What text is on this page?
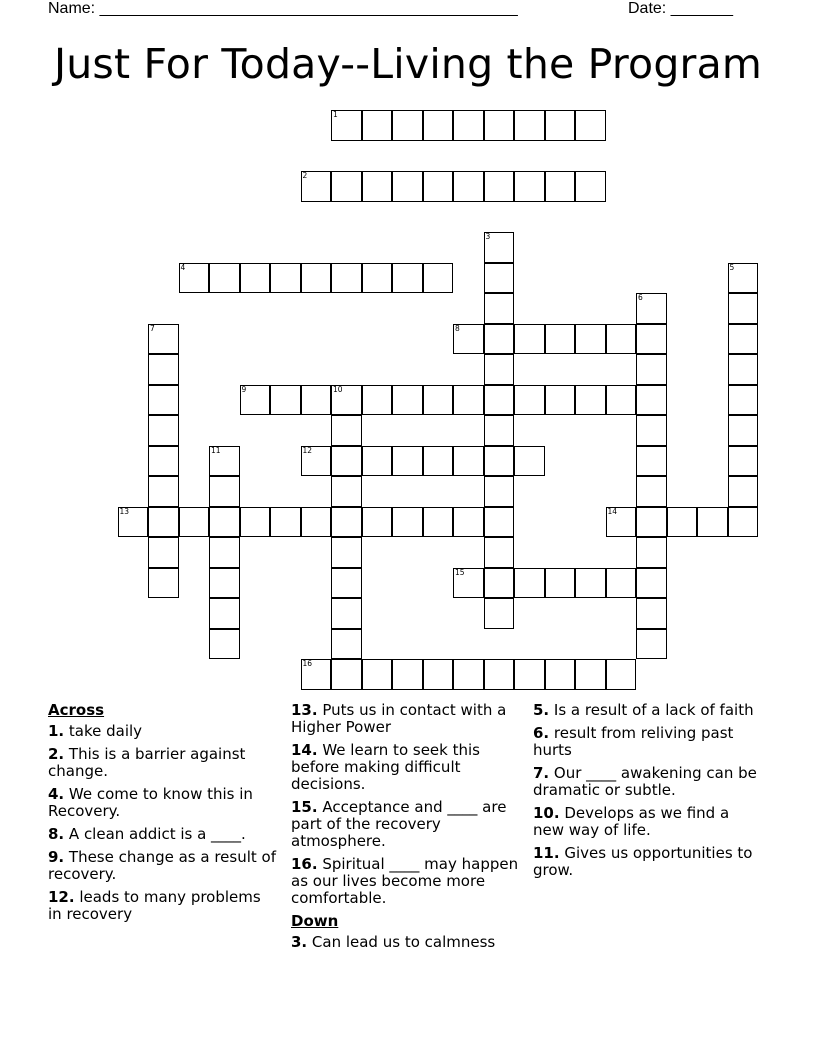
Name: _______________________________________________	Date: _______
Just For Today--Living the Program
1
2
3
4	5
6
7	8
9	10
11	12
13	14
15
16
Across
1. take daily
2. This is a barrier against change.
4. We come to know this in Recovery.
8. A clean addict is a ____.
9. These change as a result of recovery.
12. leads to many problems in recovery
13. Puts us in contact with a Higher Power
14. We learn to seek this before making difficult decisions.
15. Acceptance and ____ are part of the recovery atmosphere.
16. Spiritual ____ may happen as our lives become more comfortable.
Down
3. Can lead us to calmness
5. Is a result of a lack of faith
6. result from reliving past hurts
7. Our ____ awakening can be dramatic or subtle.
10. Develops as we find a new way of life.
11. Gives us opportunities to grow.
